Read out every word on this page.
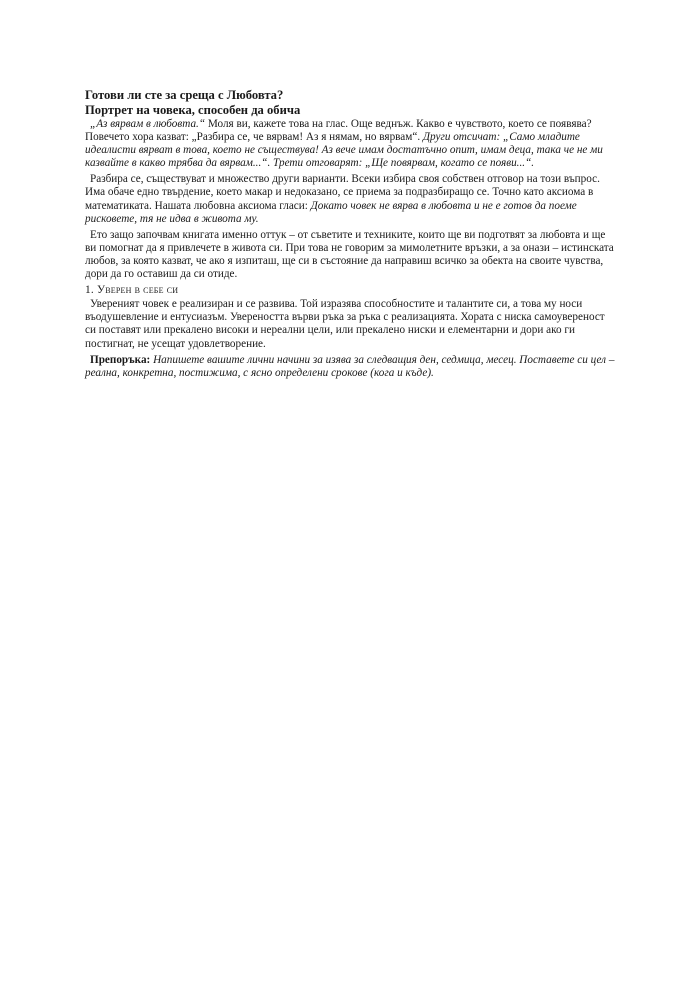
Готови ли сте за среща с Любовта?
Портрет на човека, способен да обича

„Аз вярвам в любовта.“ Моля ви, кажете това на глас. Още веднъж. Какво е чувството, което се появява? Повечето хора казват: „Разбира се, че вярвам! Аз я нямам, но вярвам“. Други отсичат: „Само младите идеалисти вярват в това, което не съществува! Аз вече имам достатъчно опит, имам деца, така че не ми казвайте в какво трябва да вярвам...“. Трети отговарят: „Ще повярвам, когато се появи...“.

Разбира се, съществуват и множество други варианти. Всеки избира своя собствен отговор на този въпрос. Има обаче едно твърдение, което макар и недоказано, се приема за подразбиращо се. Точно като аксиома в математиката. Нашата любовна аксиома гласи: Докато човек не вярва в любовта и не е готов да поеме рисковете, тя не идва в живота му.

Ето защо започвам книгата именно оттук – от съветите и техниките, които ще ви подготвят за любовта и ще ви помогнат да я привлечете в живота си. При това не говорим за мимолетните връзки, а за онази – истинската любов, за която казват, че ако я изпиташ, ще си в състояние да направиш всичко за обекта на своите чувства, дори да го оставиш да си отиде.

1. Уверен в себе си

Увереният човек е реализиран и се развива. Той изразява способностите и талантите си, а това му носи въодушевление и ентусиазъм. Увереността върви ръка за ръка с реализацията. Хората с ниска самоувереност си поставят или прекалено високи и нереални цели, или прекалено ниски и елементарни и дори ако ги постигнат, не усещат удовлетворение.

Препоръка: Напишете вашите лични начини за изява за следващия ден, седмица, месец. Поставете си цел – реална, конкретна, постижима, с ясно определени срокове (кога и къде).
